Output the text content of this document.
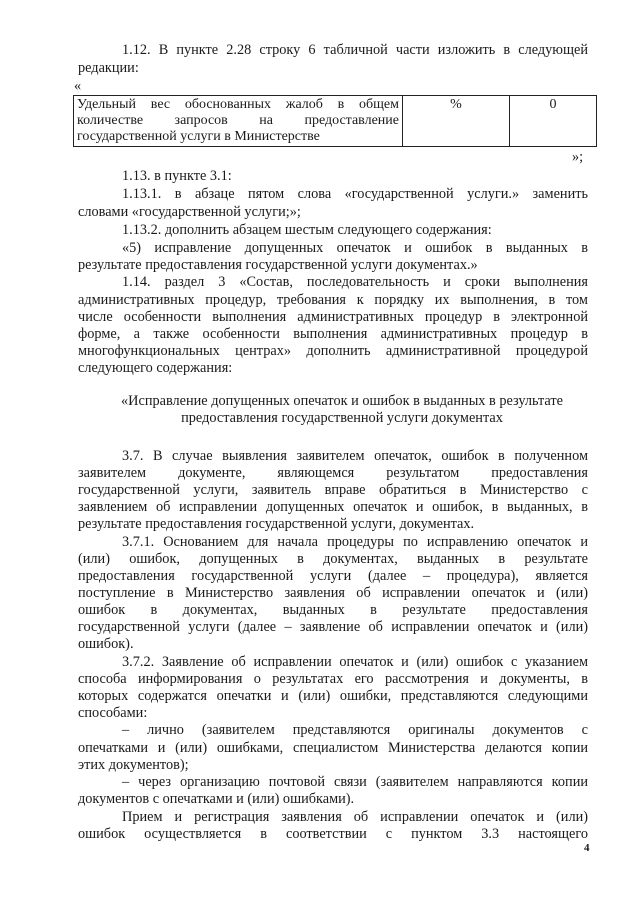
1.12. В пункте 2.28 строку 6 табличной части изложить в следующей

редакции:

«

Удельный вес обоснованных жалоб в общем

количестве запросов на предоставление

государственной услуги в Министерстве

	%	0

»;

1.13. в пункте 3.1:

1.13.1. в абзаце пятом слова «государственной услуги.» заменить

словами «государственной услуги;»;

1.13.2. дополнить абзацем шестым следующего содержания:

«5) исправление допущенных опечаток и ошибок в выданных в

результате предоставления государственной услуги документах.»

1.14. раздел 3 «Состав, последовательность и сроки выполнения

административных процедур, требования к порядку их выполнения, в том

числе особенности выполнения административных процедур в электронной

форме, а также особенности выполнения административных процедур в

многофункциональных центрах» дополнить административной процедурой

следующего содержания:

«Исправление допущенных опечаток и ошибок в выданных в результате

предоставления государственной услуги документах

3.7. В случае выявления заявителем опечаток, ошибок в полученном

заявителем документе, являющемся результатом предоставления

государственной услуги, заявитель вправе обратиться в Министерство с

заявлением об исправлении допущенных опечаток и ошибок, в выданных, в

результате предоставления государственной услуги, документах.

3.7.1. Основанием для начала процедуры по исправлению опечаток и

(или) ошибок, допущенных в документах, выданных в результате

предоставления государственной услуги (далее – процедура), является

поступление в Министерство заявления об исправлении опечаток и (или)

ошибок в документах, выданных в результате предоставления

государственной услуги (далее – заявление об исправлении опечаток и (или)

ошибок).

3.7.2. Заявление об исправлении опечаток и (или) ошибок с указанием

способа информирования о результатах его рассмотрения и документы, в

которых содержатся опечатки и (или) ошибки, представляются следующими

способами:

– лично (заявителем представляются оригиналы документов с

опечатками и (или) ошибками, специалистом Министерства делаются копии

этих документов);

– через организацию почтовой связи (заявителем направляются копии

документов с опечатками и (или) ошибками).

Прием и регистрация заявления об исправлении опечаток и (или)

ошибок осуществляется в соответствии с пунктом 3.3 настоящего

4
